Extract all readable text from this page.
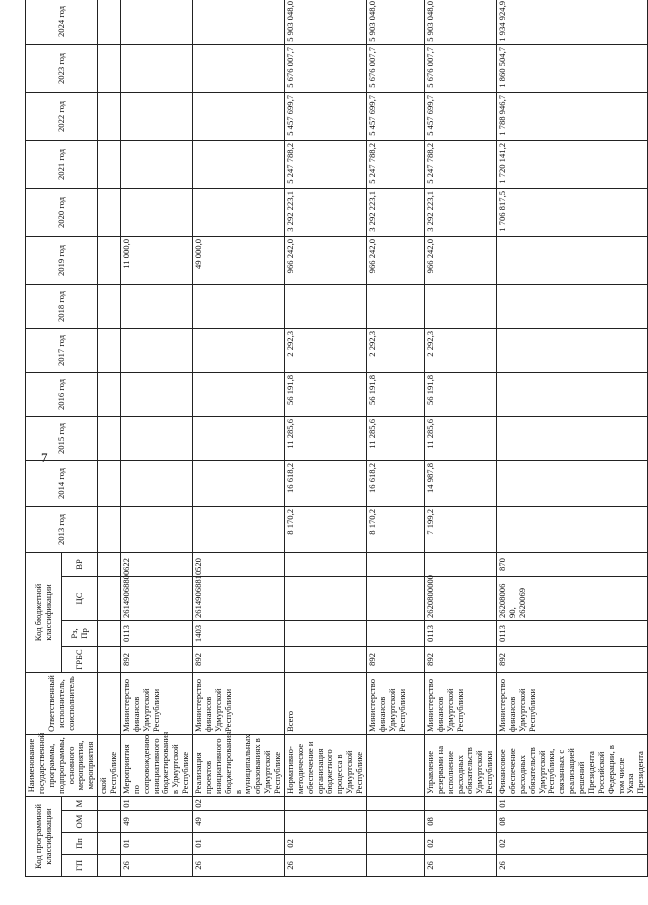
7
Код программной классификации				Наименование государственной программы, подпрограммы, основного мероприятия, мероприятия	Ответственный исполнитель, соисполнитель	Код бюджетной классификации				2013 год	2014 год	2015 год	2016 год	2017 год	2018 год	2019 год	2020 год	2021 год	2022 год	2023 год	2024 год
ГП	Пп	ОМ	М			ГРБС	Рз, Пр	ЦС	ВР												
				ской Республике																	
26	01	49	01	Мероприятия по сопровождению инициативного бюджетирования в Удмуртской Республике	Министерство финансов Удмуртской Республики	892	0113	26149068800	622							11 000,0					
26	01	49	02	Реализация проектов инициативного бюджетирования в муниципальных образованиях в Удмуртской Республике	Министерство финансов Удмуртской Республики	892	1403	26149068810	520							49 000,0					
26	02			Нормативно-методическое обеспечение и организация бюджетного процесса в Удмуртской Республике	Всего					8 170,2	16 618,2	11 285,6	56 191,8	2 292,3		966 242,0	3 292 223,1	5 247 788,2	5 457 699,7	5 676 007,7	5 903 048,0
					Министерство финансов Удмуртской Республики	892				8 170,2	16 618,2	11 285,6	56 191,8	2 292,3		966 242,0	3 292 223,1	5 247 788,2	5 457 699,7	5 676 007,7	5 903 048,0
26	02	08		Управление резервами на исполнение расходных обязательств Удмуртской Республики	Министерство финансов Удмуртской Республики	892	0113	2620800000		7 199,2	14 987,8	11 285,6	56 191,8	2 292,3		966 242,0	3 292 223,1	5 247 788,2	5 457 699,7	5 676 007,7	5 903 048,0
26	02	08	01	Финансовое обеспечение расходных обязательств Удмуртской Республики, связанных с реализацией решений Президента Российской Федерации, в том числе Указа Президента	Министерство финансов Удмуртской Республики	892	0113	26208006 90, 2620069	870								1 706 817,5	1 720 141,2	1 788 946,7	1 860 504,7	1 934 924,9
